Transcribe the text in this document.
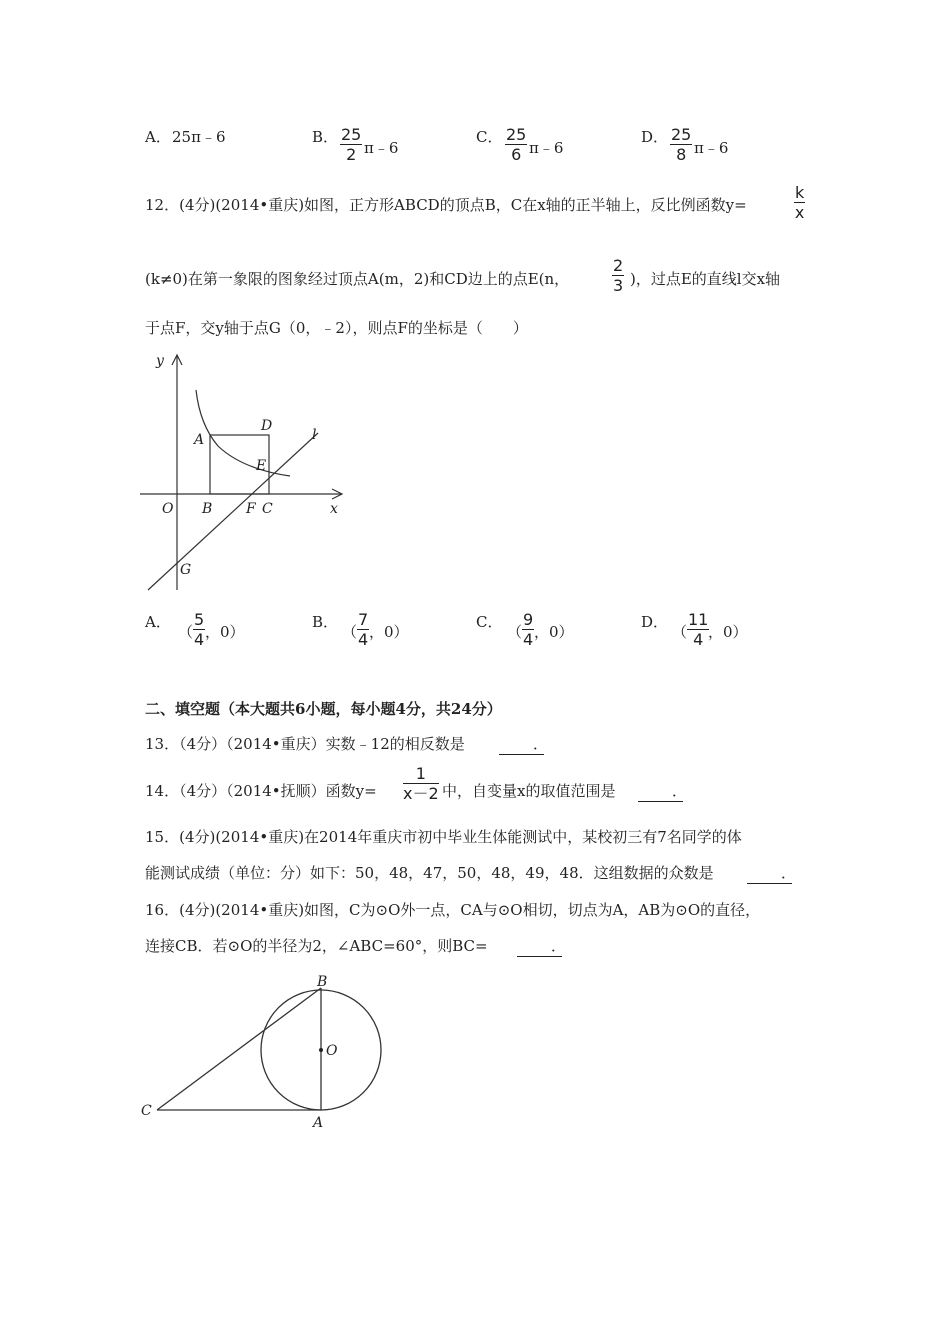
A． 25π﹣6	B． $\frac{25}{2}$ π﹣6
C． $\frac{25}{6}$ π﹣6
D． $\frac{25}{8}$ π﹣6
12．(4分)(2014•重庆)如图，正方形ABCD的顶点B，C在x轴的正半轴上，反比例函数y=	$\frac{k}{x}$
(k≠0)在第一象限的图象经过顶点A(m，2)和CD边上的点E(n，	$\frac{2}{3}$ )，过点E的直线l交x轴
于点F，交y轴于点G（0，﹣2），则点F的坐标是（　　）
y
x
O
A
B F C
D
E
G
l
A．
（ $\frac{5}{4}$ ，0）
B．
（ $\frac{7}{4}$ ，0）
C．
（ $\frac{9}{4}$ ，0）
D．
（ $\frac{11}{4}$
，0）
二、填空题（本大题共6小题，每小题4分，共24分）
13．（4分）（2014•重庆）实数﹣12的相反数是
　　　	．
14．（4分）（2014•抚顺）函数$y= \frac{1}{x-2}$ 中，自变量x的取值范围是
　　　	．
15．(4分)(2014•重庆)在2014年重庆市初中毕业生体能测试中，某校初三有7名同学的体
能测试成绩（单位：分）如下：50，48，47，50，48，49，48．这组数据的众数是
　　　	．
16．(4分)(2014•重庆)如图，C为⊙O外一点，CA与⊙O相切，切点为A，AB为⊙O的直径，
连接CB．若⊙O的半径为2，∠ABC=60°，则BC=
　　　	．
B
O
C
A
